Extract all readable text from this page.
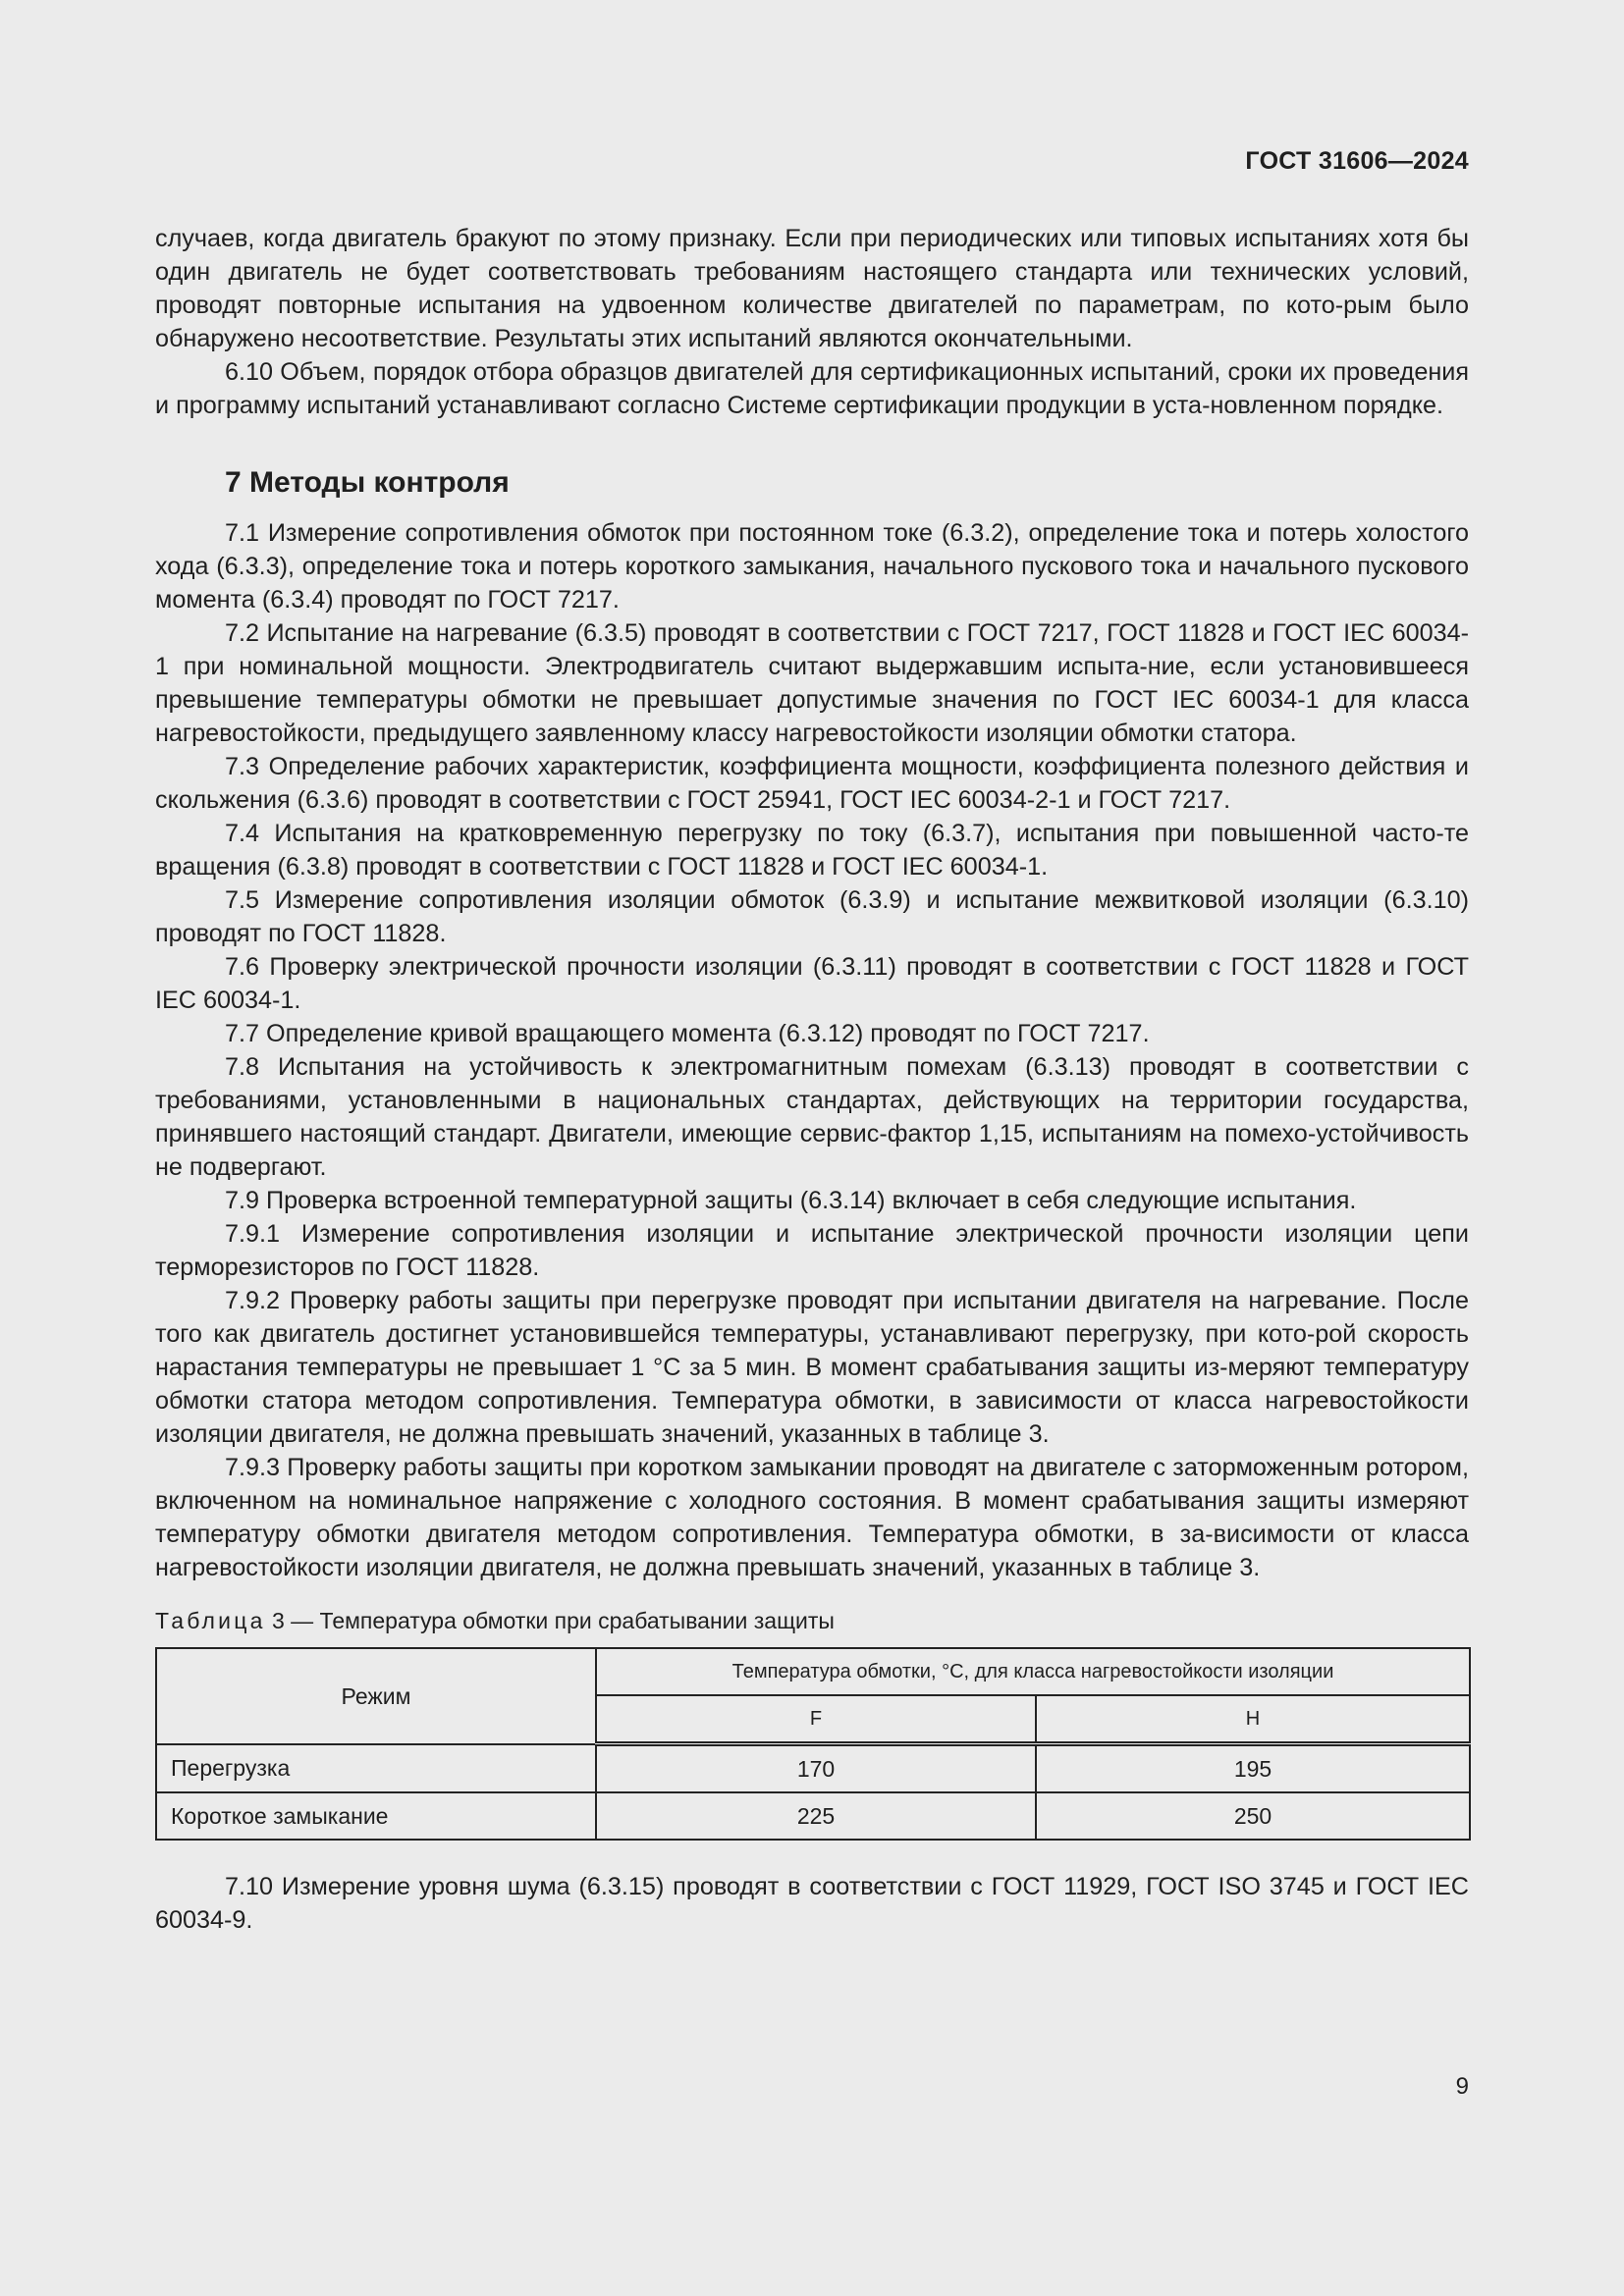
ГОСТ 31606—2024

случаев, когда двигатель бракуют по этому признаку. Если при периодических или типовых испытаниях хотя бы один двигатель не будет соответствовать требованиям настоящего стандарта или технических условий, проводят повторные испытания на удвоенном количестве двигателей по параметрам, по кото-рым было обнаружено несоответствие. Результаты этих испытаний являются окончательными.

6.10 Объем, порядок отбора образцов двигателей для сертификационных испытаний, сроки их проведения и программу испытаний устанавливают согласно Системе сертификации продукции в уста-новленном порядке.

7 Методы контроля

7.1 Измерение сопротивления обмоток при постоянном токе (6.3.2), определение тока и потерь холостого хода (6.3.3), определение тока и потерь короткого замыкания, начального пускового тока и начального пускового момента (6.3.4) проводят по ГОСТ 7217.

7.2 Испытание на нагревание (6.3.5) проводят в соответствии с ГОСТ 7217, ГОСТ 11828 и ГОСТ IEC 60034-1 при номинальной мощности. Электродвигатель считают выдержавшим испыта-ние, если установившееся превышение температуры обмотки не превышает допустимые значения по ГОСТ IEC 60034-1 для класса нагревостойкости, предыдущего заявленному классу нагревостойкости изоляции обмотки статора.

7.3 Определение рабочих характеристик, коэффициента мощности, коэффициента полезного действия и скольжения (6.3.6) проводят в соответствии с ГОСТ 25941, ГОСТ IEC 60034-2-1 и ГОСТ 7217.

7.4 Испытания на кратковременную перегрузку по току (6.3.7), испытания при повышенной часто-те вращения (6.3.8) проводят в соответствии с ГОСТ 11828 и ГОСТ IEC 60034-1.

7.5 Измерение сопротивления изоляции обмоток (6.3.9) и испытание межвитковой изоляции (6.3.10) проводят по ГОСТ 11828.

7.6 Проверку электрической прочности изоляции (6.3.11) проводят в соответствии с ГОСТ 11828 и ГОСТ IEC 60034-1.

7.7 Определение кривой вращающего момента (6.3.12) проводят по ГОСТ 7217.

7.8 Испытания на устойчивость к электромагнитным помехам (6.3.13) проводят в соответствии с требованиями, установленными в национальных стандартах, действующих на территории государства, принявшего настоящий стандарт. Двигатели, имеющие сервис-фактор 1,15, испытаниям на помехо-устойчивость не подвергают.

7.9 Проверка встроенной температурной защиты (6.3.14) включает в себя следующие испытания.

7.9.1 Измерение сопротивления изоляции и испытание электрической прочности изоляции цепи терморезисторов по ГОСТ 11828.

7.9.2 Проверку работы защиты при перегрузке проводят при испытании двигателя на нагревание. После того как двигатель достигнет установившейся температуры, устанавливают перегрузку, при кото-рой скорость нарастания температуры не превышает 1 °С за 5 мин. В момент срабатывания защиты из-меряют температуру обмотки статора методом сопротивления. Температура обмотки, в зависимости от класса нагревостойкости изоляции двигателя, не должна превышать значений, указанных в таблице 3.

7.9.3 Проверку работы защиты при коротком замыкании проводят на двигателе с заторможенным ротором, включенном на номинальное напряжение с холодного состояния. В момент срабатывания защиты измеряют температуру обмотки двигателя методом сопротивления. Температура обмотки, в за-висимости от класса нагревостойкости изоляции двигателя, не должна превышать значений, указанных в таблице 3.

Таблица 3 — Температура обмотки при срабатывании защиты

Режим	Температура обмотки, °С, для класса нагревостойкости изоляции	
	F	H
Перегрузка	170	195
Короткое замыкание	225	250

7.10 Измерение уровня шума (6.3.15) проводят в соответствии с ГОСТ 11929, ГОСТ ISO 3745 и ГОСТ IEC 60034-9.

9
